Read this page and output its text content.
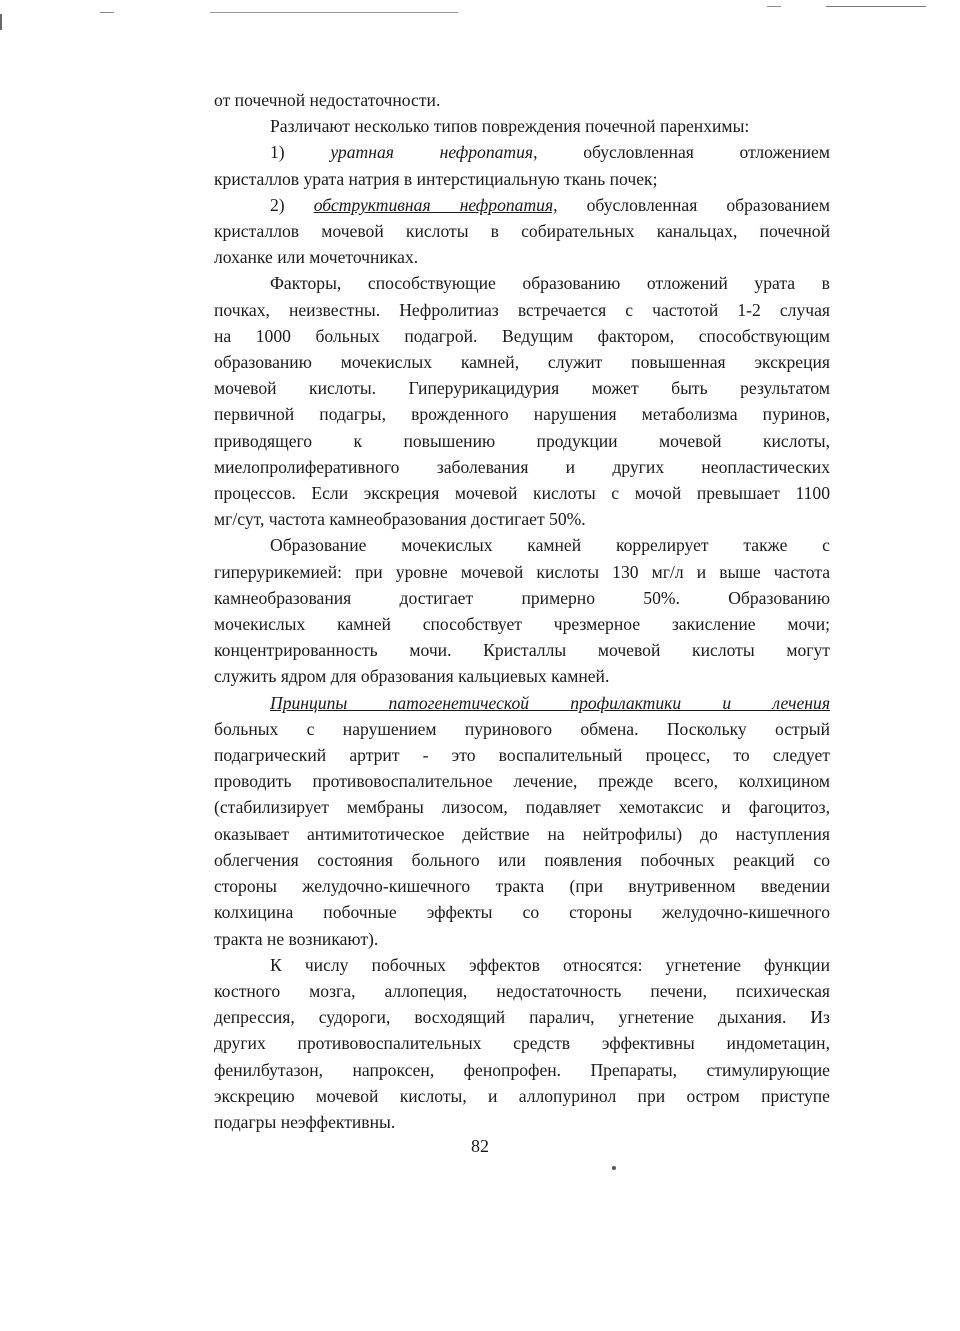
от почечной недостаточности.

Различают несколько типов повреждения почечной паренхимы:

1) уратная нефропатия, обусловленная отложением
кристаллов урата натрия в интерстициальную ткань почек;

2) обструктивная нефропатия, обусловленная образованием
кристаллов мочевой кислоты в собирательных канальцах, почечной
лоханке или мочеточниках.

Факторы, способствующие образованию отложений урата в
почках, неизвестны. Нефролитиаз встречается с частотой 1-2 случая
на 1000 больных подагрой. Ведущим фактором, способствующим
образованию мочекислых камней, служит повышенная экскреция
мочевой кислоты. Гиперурикацидурия может быть результатом
первичной подагры, врожденного нарушения метаболизма пуринов,
приводящего к повышению продукции мочевой кислоты,
миелопролиферативного заболевания и других неопластических
процессов. Если экскреция мочевой кислоты с мочой превышает 1100
мг/сут, частота камнеобразования достигает 50%.

Образование мочекислых камней коррелирует также с
гиперурикемией: при уровне мочевой кислоты 130 мг/л и выше частота
камнеобразования достигает примерно 50%. Образованию
мочекислых камней способствует чрезмерное закисление мочи;
концентрированность мочи. Кристаллы мочевой кислоты могут
служить ядром для образования кальциевых камней.

Принципы патогенетической профилактики и лечения
больных с нарушением пуринового обмена. Поскольку острый
подагрический артрит - это воспалительный процесс, то следует
проводить противовоспалительное лечение, прежде всего, колхицином
(стабилизирует мембраны лизосом, подавляет хемотаксис и фагоцитоз,
оказывает антимитотическое действие на нейтрофилы) до наступления
облегчения состояния больного или появления побочных реакций со
стороны желудочно-кишечного тракта (при внутривенном введении
колхицина побочные эффекты со стороны желудочно-кишечного
тракта не возникают).

К числу побочных эффектов относятся: угнетение функции
костного мозга, аллопеция, недостаточность печени, психическая
депрессия, судороги, восходящий паралич, угнетение дыхания. Из
других противовоспалительных средств эффективны индометацин,
фенилбутазон, напроксен, фенопрофен. Препараты, стимулирующие
экскрецию мочевой кислоты, и аллопуринол при остром приступе
подагры неэффективны.

82
